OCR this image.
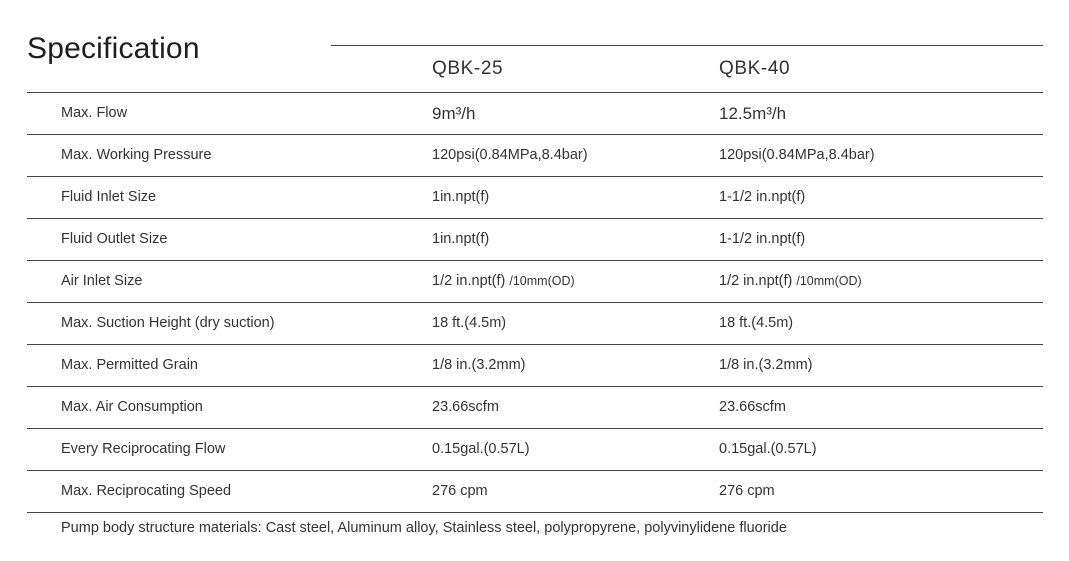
Specification
QBK-25	QBK-40
Max. Flow	9m³/h	12.5m³/h
Max. Working Pressure	120psi(0.84MPa,8.4bar)	120psi(0.84MPa,8.4bar)
Fluid Inlet Size	1in.npt(f)	1-1/2 in.npt(f)
Fluid Outlet Size	1in.npt(f)	1-1/2 in.npt(f)
Air Inlet Size	1/2 in.npt(f) /10mm(OD)	1/2 in.npt(f) /10mm(OD)
Max. Suction Height (dry suction)	18 ft.(4.5m)	18 ft.(4.5m)
Max. Permitted Grain	1/8 in.(3.2mm)	1/8 in.(3.2mm)
Max. Air Consumption	23.66scfm	23.66scfm
Every Reciprocating Flow	0.15gal.(0.57L)	0.15gal.(0.57L)
Max. Reciprocating Speed	276 cpm	276 cpm
Pump body structure materials: Cast steel, Aluminum alloy, Stainless steel, polypropyrene, polyvinylidene fluoride
